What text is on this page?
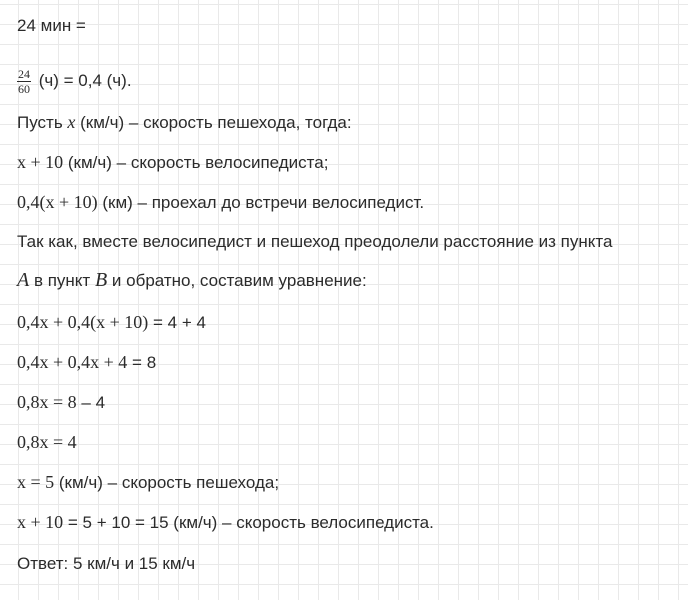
24 мин =
$\frac{24}{60} (ч) = 0,4$ (ч).
Пусть x (км/ч) – скорость пешехода, тогда:
x + 10 (км/ч) – скорость велосипедиста;
0,4(x + 10) (км) – проехал до встречи велосипедист.
Так как, вместе велосипедист и пешеход преодолели расстояние из пункта
A в пункт B и обратно, составим уравнение:
0,4x + 0,4(x + 10) = 4 + 4
0,4x + 0,4x + 4 = 8
0,8x = 8 – 4
0,8x = 4
x = 5 (км/ч) – скорость пешехода;
x + 10 = 5 + 10 = 15 (км/ч) – скорость велосипедиста.
Ответ: 5 км/ч и 15 км/ч
